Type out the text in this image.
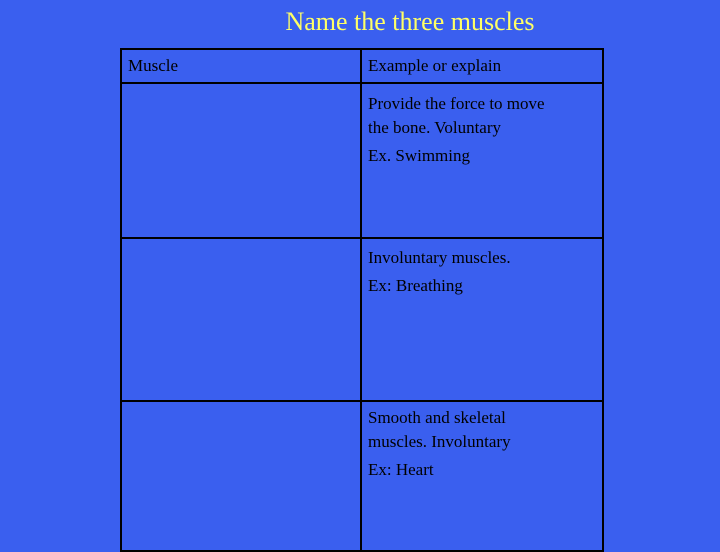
Name the three muscles
Muscle	Example or explain

	Provide the force to move
the bone. Voluntary
Ex. Swimming

	Involuntary muscles.
Ex: Breathing

	Smooth and skeletal
muscles. Involuntary
Ex: Heart
